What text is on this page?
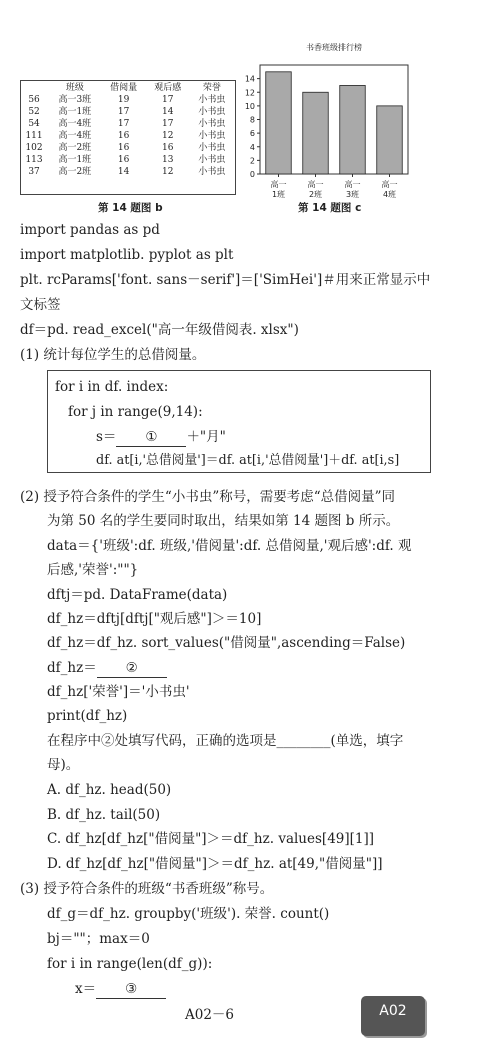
	班级	借阅量	观后感	荣誉
56	高一3班	19	17	小书虫
52	高一1班	17	14	小书虫
54	高一4班	17	17	小书虫
111	高一4班	16	12	小书虫
102	高一2班	16	16	小书虫
113	高一1班	16	13	小书虫
37	高一2班	14	12	小书虫
第 14 题图 b
书香班级排行榜
0
2
4
6
8
10
12
14
高一
1班
高一
2班
高一
3班
高一
4班
第 14 题图 c
import pandas as pd
import matplotlib. pyplot as plt
plt. rcParams['font. sans－serif']＝['SimHei']＃用来正常显示中
文标签
df＝pd. read_excel("高一年级借阅表. xlsx")
(1) 统计每位学生的总借阅量。
for i in df. index:
for j in range(9,14):
s＝ ① ＋"月"
df. at[i,'总借阅量']＝df. at[i,'总借阅量']＋df. at[i,s]
(2) 授予符合条件的学生“小书虫”称号，需要考虑“总借阅量”同
为第 50 名的学生要同时取出，结果如第 14 题图 b 所示。
data＝{'班级':df. 班级,'借阅量':df. 总借阅量,'观后感':df. 观
后感,'荣誉':""}
dftj＝pd. DataFrame(data)
df_hz＝dftj[dftj["观后感"]＞＝10]
df_hz＝df_hz. sort_values("借阅量",ascending＝False)
df_hz＝ ②
df_hz['荣誉']＝'小书虫'
print(df_hz)
在程序中②处填写代码，正确的选项是________(单选，填字
母)。
A. df_hz. head(50)
B. df_hz. tail(50)
C. df_hz[df_hz["借阅量"]＞＝df_hz. values[49][1]]
D. df_hz[df_hz["借阅量"]＞＝df_hz. at[49,"借阅量"]]
(3) 授予符合条件的班级“书香班级”称号。
df_g＝df_hz. groupby('班级'). 荣誉. count()
bj＝""；max＝0
for i in range(len(df_g)):
x＝ ③
A02－6	A02
